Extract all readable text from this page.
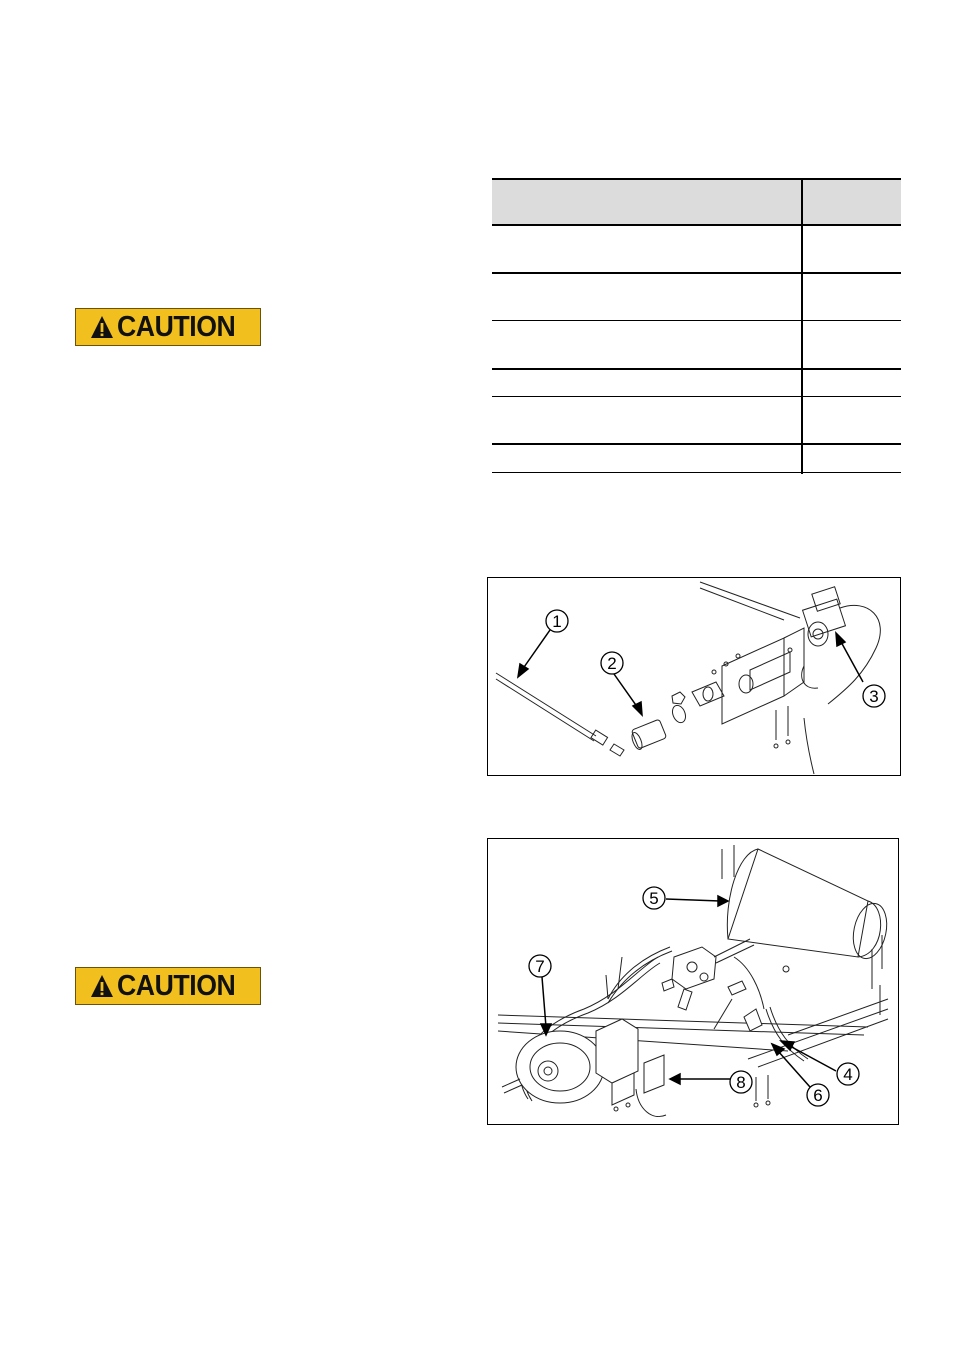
CAUTION
CAUTION
1
2
3
4
5
6
7
8
